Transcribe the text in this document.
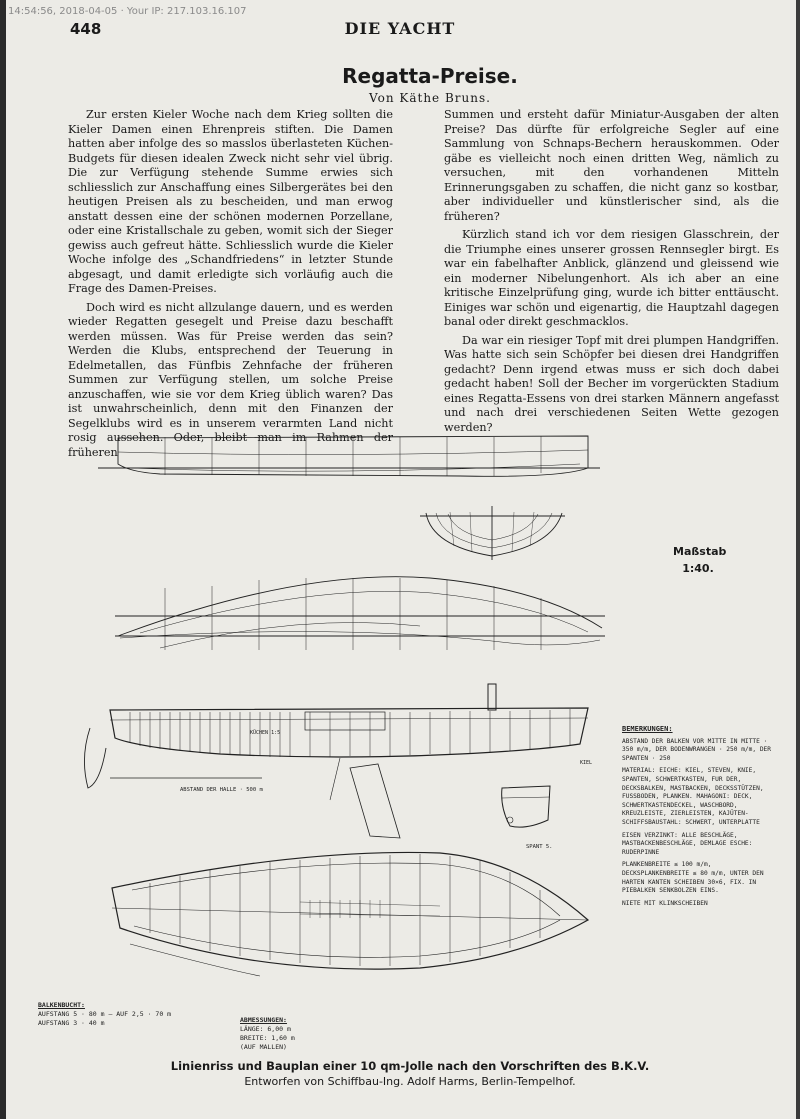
14:54:56, 2018-04-05 · Your IP: 217.103.16.107
448	DIE YACHT
Regatta-Preise.
Von Käthe Bruns.

Zur ersten Kieler Woche nach dem Krieg sollten die Kieler Damen einen Ehrenpreis stiften. Die Damen hatten aber infolge des so masslos überlasteten Küchen-Budgets für diesen idealen Zweck nicht sehr viel übrig. Die zur Verfügung stehende Summe erwies sich schliesslich zur Anschaffung eines Silbergerätes bei den heutigen Preisen als zu bescheiden, und man erwog anstatt dessen eine der schönen modernen Porzellane, oder eine Kristallschale zu geben, womit sich der Sieger gewiss auch gefreut hätte. Schliesslich wurde die Kieler Woche infolge des „Schandfriedens“ in letzter Stunde abgesagt, und damit erledigte sich vorläufig auch die Frage des Damen-Preises.

Doch wird es nicht allzulange dauern, und es werden wieder Regatten gesegelt und Preise dazu beschafft werden müssen. Was für Preise werden das sein? Werden die Klubs, entsprechend der Teuerung in Edelmetallen, das Fünfbis Zehnfache der früheren Summen zur Verfügung stellen, um solche Preise anzuschaffen, wie sie vor dem Krieg üblich waren? Das ist unwahrscheinlich, denn mit den Finanzen der Segelklubs wird es in unserem verarmten Land nicht rosig aussehen. Oder, bleibt man im Rahmen der früheren

Summen und ersteht dafür Miniatur-Ausgaben der alten Preise? Das dürfte für erfolgreiche Segler auf eine Sammlung von Schnaps-Bechern herauskommen. Oder gäbe es vielleicht noch einen dritten Weg, nämlich zu versuchen, mit den vorhandenen Mitteln Erinnerungsgaben zu schaffen, die nicht ganz so kostbar, aber individueller und künstlerischer sind, als die früheren?

Kürzlich stand ich vor dem riesigen Glasschrein, der die Triumphe eines unserer grossen Rennsegler birgt. Es war ein fabelhafter Anblick, glänzend und gleissend wie ein moderner Nibelungenhort. Als ich aber an eine kritische Einzelprüfung ging, wurde ich bitter enttäuscht. Einiges war schön und eigenartig, die Hauptzahl dagegen banal oder direkt geschmacklos.

Da war ein riesiger Topf mit drei plumpen Handgriffen. Was hatte sich sein Schöpfer bei diesen drei Handgriffen gedacht? Denn irgend etwas muss er sich doch dabei gedacht haben! Soll der Becher im vorgerückten Stadium eines Regatta-Essens von drei starken Männern angefasst und nach drei verschiedenen Seiten Wette gezogen werden?

ABSTAND DER HALLE · 500 m
SPANT 5.
KÜCHEN 1:5
KIEL
Maßstab
1:40.
BEMERKUNGEN:
ABSTAND DER BALKEN VOR MITTE IN MITTE · 350 m/m, DER BODENWRANGEN · 250 m/m, DER SPANTEN · 250
MATERIAL: EICHE: KIEL, STEVEN, KNIE, SPANTEN, SCHWERTKASTEN, FUR DER, DECKSBALKEN, MASTBACKEN, DECKSSTÜTZEN, FUSSBODEN, PLANKEN. MAHAGONI: DECK, SCHWERTKASTENDECKEL, WASCHBORD, KREUZLEISTE, ZIERLEISTEN, KAJÜTEN-SCHIFFSBAUSTAHL: SCHWERT, UNTERPLATTE
EISEN VERZINKT: ALLE BESCHLÄGE, MASTBACKENBESCHLÄGE, DEMLAGE ESCHE: RUDERPINNE
PLANKENBREITE ≤ 100 m/m, DECKSPLANKENBREITE ≤ 80 m/m, UNTER DEN HARTEN KANTEN SCHEIBEN 30×6, FIX. IN PIEBALKEN SENKBOLZEN EINS.
NIETE MIT KLINKSCHEIBEN
BALKENBUCHT:
AUFSTANG 5 · 80 m — AUF 2,5 · 70 m
AUFSTANG 3 · 40 m	ABMESSUNGEN:
LÄNGE: 6,00 m
BREITE: 1,60 m
(AUF MALLEN)
Linienriss und Bauplan einer 10 qm-Jolle nach den Vorschriften des B.K.V.
Entworfen von Schiffbau-Ing. Adolf Harms, Berlin-Tempelhof.
